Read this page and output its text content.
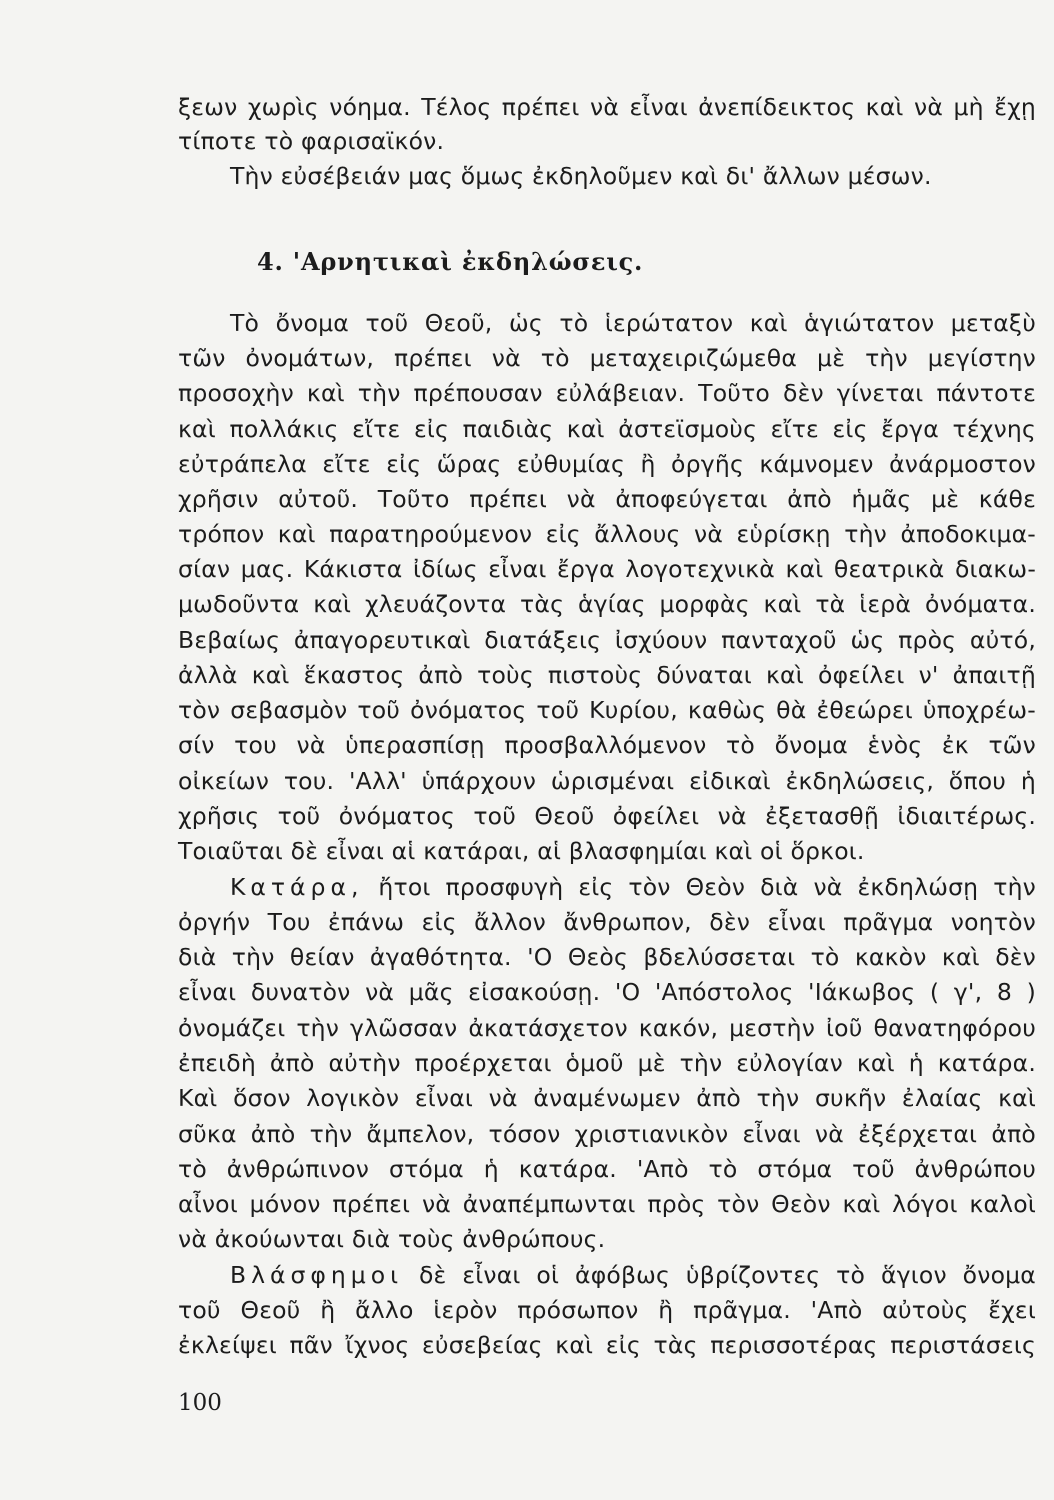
ξεων χωρὶς νόημα. Τέλος πρέπει νὰ εἶναι ἀνεπίδεικτος καὶ νὰ μὴ ἔχῃ
τίποτε τὸ φαρισαϊκόν.
Τὴν εὐσέβειάν μας ὅμως ἐκδηλοῦμεν καὶ δι' ἄλλων μέσων.
4. 'Αρνητικαὶ ἐκδηλώσεις.
Τὸ ὄνομα τοῦ Θεοῦ, ὡς τὸ ἱερώτατον καὶ ἁγιώτατον μεταξὺ
τῶν ὀνομάτων, πρέπει νὰ τὸ μεταχειριζώμεθα μὲ τὴν μεγίστην
προσοχὴν καὶ τὴν πρέπουσαν εὐλάβειαν. Τοῦτο δὲν γίνεται πάντοτε
καὶ πολλάκις εἴτε εἰς παιδιὰς καὶ ἀστεϊσμοὺς εἴτε εἰς ἔργα τέχνης
εὐτράπελα εἴτε εἰς ὥρας εὐθυμίας ἢ ὀργῆς κάμνομεν ἀνάρμοστον
χρῆσιν αὐτοῦ. Τοῦτο πρέπει νὰ ἀποφεύγεται ἀπὸ ἡμᾶς μὲ κάθε
τρόπον καὶ παρατηρούμενον εἰς ἄλλους νὰ εὑρίσκῃ τὴν ἀποδοκιμα-
σίαν μας. Κάκιστα ἰδίως εἶναι ἔργα λογοτεχνικὰ καὶ θεατρικὰ διακω-
μωδοῦντα καὶ χλευάζοντα τὰς ἁγίας μορφὰς καὶ τὰ ἱερὰ ὀνόματα.
Βεβαίως ἀπαγορευτικαὶ διατάξεις ἰσχύουν πανταχοῦ ὡς πρὸς αὐτό,
ἀλλὰ καὶ ἕκαστος ἀπὸ τοὺς πιστοὺς δύναται καὶ ὀφείλει ν' ἀπαιτῇ
τὸν σεβασμὸν τοῦ ὀνόματος τοῦ Κυρίου, καθὼς θὰ ἐθεώρει ὑποχρέω-
σίν του νὰ ὑπερασπίσῃ προσβαλλόμενον τὸ ὄνομα ἑνὸς ἐκ τῶν
οἰκείων του. 'Αλλ' ὑπάρχουν ὡρισμέναι εἰδικαὶ ἐκδηλώσεις, ὅπου ἡ
χρῆσις τοῦ ὀνόματος τοῦ Θεοῦ ὀφείλει νὰ ἐξετασθῇ ἰδιαιτέρως.
Τοιαῦται δὲ εἶναι αἱ κατάραι, αἱ βλασφημίαι καὶ οἱ ὅρκοι.
Κατάρα, ἤτοι προσφυγὴ εἰς τὸν Θεὸν διὰ νὰ ἐκδηλώσῃ τὴν
ὀργήν Του ἐπάνω εἰς ἄλλον ἄνθρωπον, δὲν εἶναι πρᾶγμα νοητὸν
διὰ τὴν θείαν ἀγαθότητα. 'Ο Θεὸς βδελύσσεται τὸ κακὸν καὶ δὲν
εἶναι δυνατὸν νὰ μᾶς εἰσακούσῃ. 'Ο 'Απόστολος 'Ιάκωβος ( γ', 8 )
ὀνομάζει τὴν γλῶσσαν ἀκατάσχετον κακόν, μεστὴν ἰοῦ θανατηφόρου
ἐπειδὴ ἀπὸ αὐτὴν προέρχεται ὁμοῦ μὲ τὴν εὐλογίαν καὶ ἡ κατάρα.
Καὶ ὅσον λογικὸν εἶναι νὰ ἀναμένωμεν ἀπὸ τὴν συκῆν ἐλαίας καὶ
σῦκα ἀπὸ τὴν ἄμπελον, τόσον χριστιανικὸν εἶναι νὰ ἐξέρχεται ἀπὸ
τὸ ἀνθρώπινον στόμα ἡ κατάρα. 'Απὸ τὸ στόμα τοῦ ἀνθρώπου
αἶνοι μόνον πρέπει νὰ ἀναπέμπωνται πρὸς τὸν Θεὸν καὶ λόγοι καλοὶ
νὰ ἀκούωνται διὰ τοὺς ἀνθρώπους.
Βλάσφημοι δὲ εἶναι οἱ ἀφόβως ὑβρίζοντες τὸ ἅγιον ὄνομα
τοῦ Θεοῦ ἢ ἄλλο ἱερὸν πρόσωπον ἢ πρᾶγμα. 'Απὸ αὐτοὺς ἔχει
ἐκλείψει πᾶν ἴχνος εὐσεβείας καὶ εἰς τὰς περισσοτέρας περιστάσεις
100
